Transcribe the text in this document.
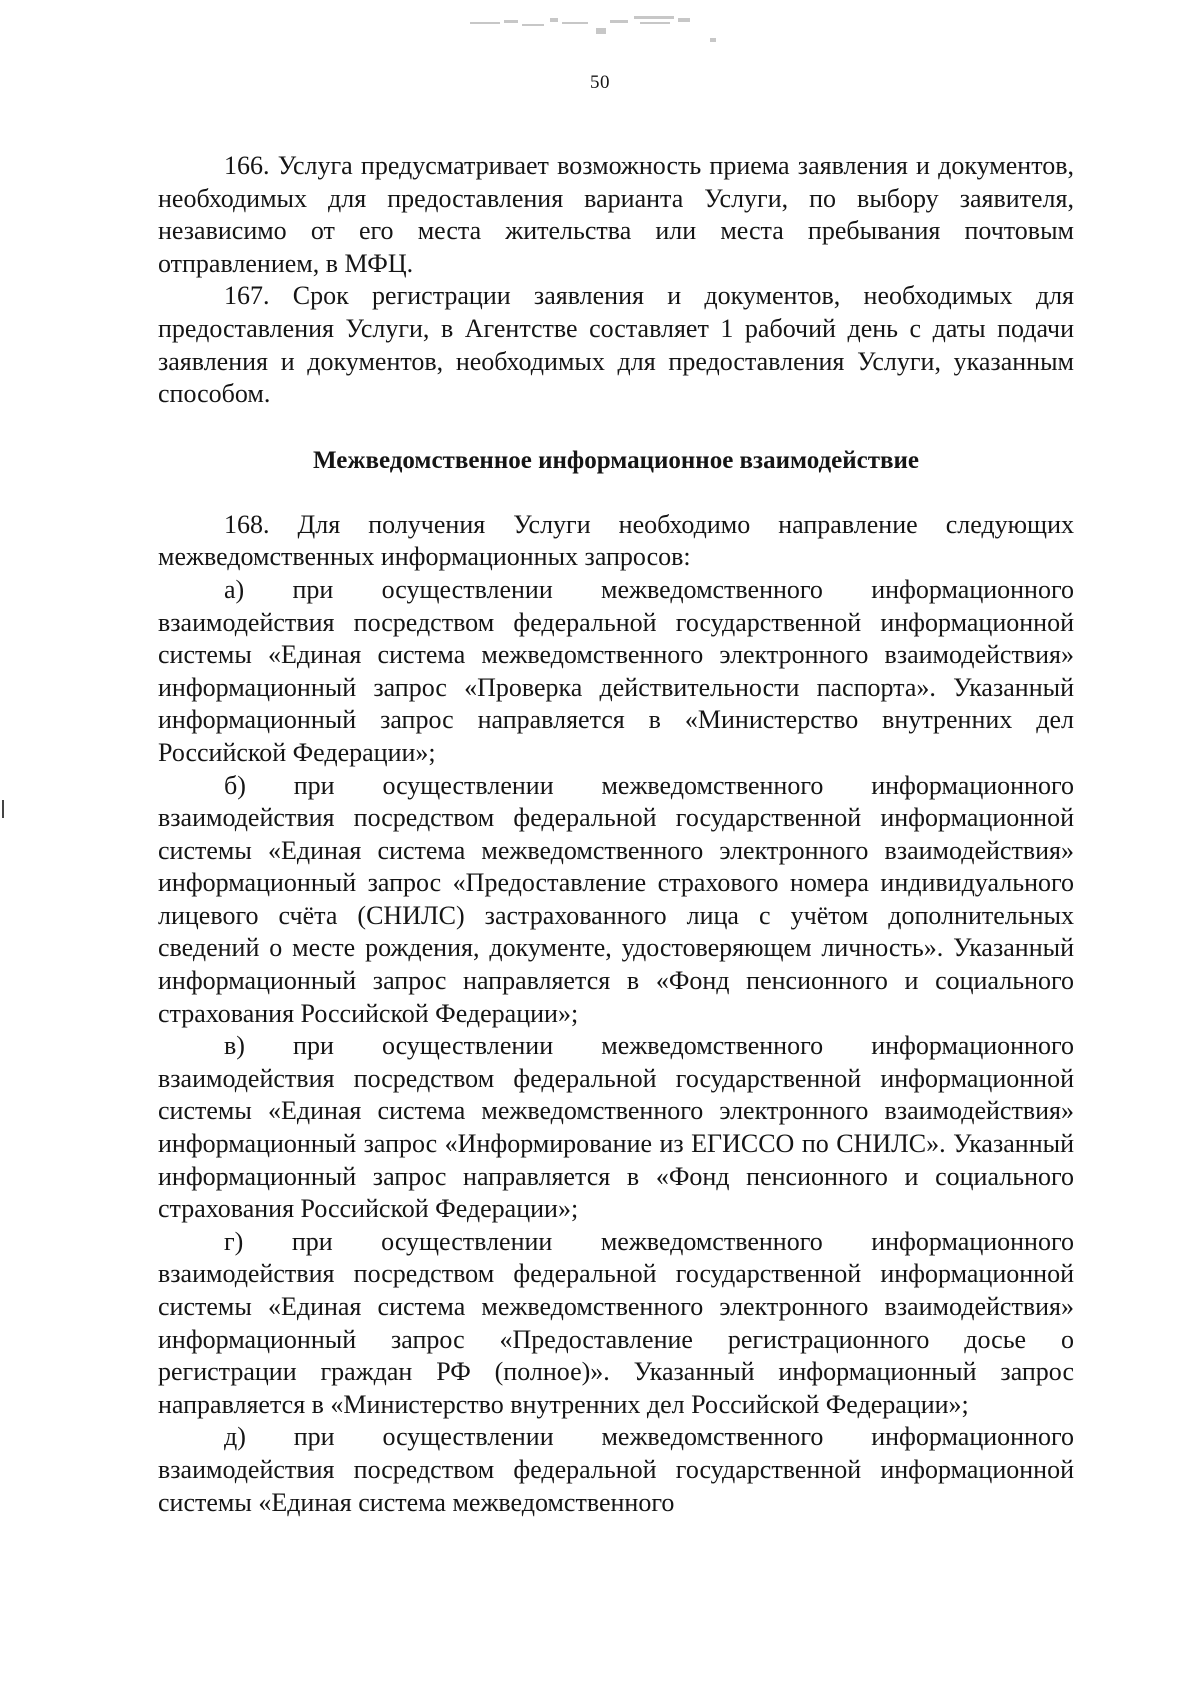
50

166. Услуга предусматривает возможность приема заявления и документов, необходимых для предоставления варианта Услуги, по выбору заявителя, независимо от его места жительства или места пребывания почтовым отправлением, в МФЦ.

167. Срок регистрации заявления и документов, необходимых для предоставления Услуги, в Агентстве составляет 1 рабочий день с даты подачи заявления и документов, необходимых для предоставления Услуги, указанным способом.

Межведомственное информационное взаимодействие

168. Для получения Услуги необходимо направление следующих межведомственных информационных запросов:

а) при осуществлении межведомственного информационного взаимодействия посредством федеральной государственной информационной системы «Единая система межведомственного электронного взаимодействия» информационный запрос «Проверка действительности паспорта». Указанный информационный запрос направляется в «Министерство внутренних дел Российской Федерации»;

б) при осуществлении межведомственного информационного взаимодействия посредством федеральной государственной информационной системы «Единая система межведомственного электронного взаимодействия» информационный запрос «Предоставление страхового номера индивидуального лицевого счёта (СНИЛС) застрахованного лица с учётом дополнительных сведений о месте рождения, документе, удостоверяющем личность». Указанный информационный запрос направляется в «Фонд пенсионного и социального страхования Российской Федерации»;

в) при осуществлении межведомственного информационного взаимодействия посредством федеральной государственной информационной системы «Единая система межведомственного электронного взаимодействия» информационный запрос «Информирование из ЕГИССО по СНИЛС». Указанный информационный запрос направляется в «Фонд пенсионного и социального страхования Российской Федерации»;

г) при осуществлении межведомственного информационного взаимодействия посредством федеральной государственной информационной системы «Единая система межведомственного электронного взаимодействия» информационный запрос «Предоставление регистрационного досье о регистрации граждан РФ (полное)». Указанный информационный запрос направляется в «Министерство внутренних дел Российской Федерации»;

д) при осуществлении межведомственного информационного взаимодействия посредством федеральной государственной информационной системы «Единая система межведомственного
